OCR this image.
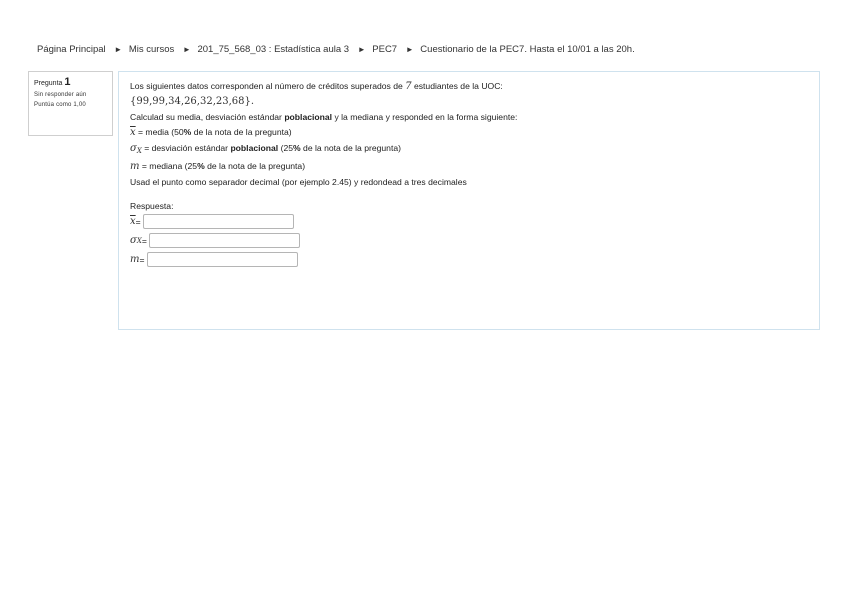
Página Principal ► Mis cursos ► 201_75_568_03 : Estadística aula 3 ► PEC7 ► Cuestionario de la PEC7. Hasta el 10/01 a las 20h.
Pregunta 1
Sin responder aún
Puntúa como 1,00

Los siguientes datos corresponden al número de créditos superados de 7 estudiantes de la UOC:

{99,99,34,26,32,23,68}.

Calculad su media, desviación estándar poblacional y la mediana y responded en la forma siguiente:

$\overline{x}$ = media (50% de la nota de la pregunta)

$\sigma_X$ = desviación estándar poblacional (25% de la nota de la pregunta)

m = mediana (25% de la nota de la pregunta)

Usad el punto como separador decimal (por ejemplo 2.45) y redondead a tres decimales

Respuesta:
$\overline{x}$ =
σ X =
m =
